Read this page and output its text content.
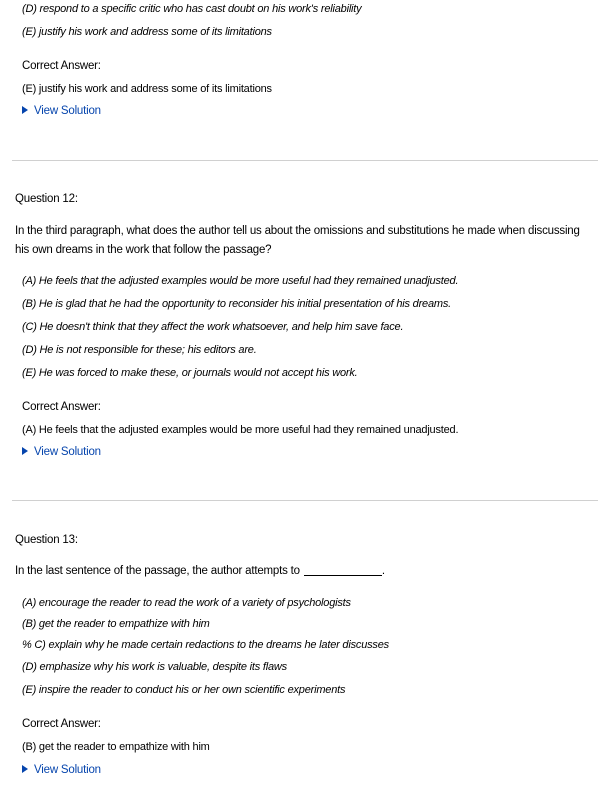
(D) respond to a specific critic who has cast doubt on his work's reliability
(E) justify his work and address some of its limitations
Correct Answer:
(E) justify his work and address some of its limitations
View Solution
Question 12:
In the third paragraph, what does the author tell us about the omissions and substitutions he made when discussing his own dreams in the work that follow the passage?
(A) He feels that the adjusted examples would be more useful had they remained unadjusted.
(B) He is glad that he had the opportunity to reconsider his initial presentation of his dreams.
(C) He doesn't think that they affect the work whatsoever, and help him save face.
(D) He is not responsible for these; his editors are.
(E) He was forced to make these, or journals would not accept his work.
Correct Answer:
(A) He feels that the adjusted examples would be more useful had they remained unadjusted.
View Solution
Question 13:
In the last sentence of the passage, the author attempts to	.
(A) encourage the reader to read the work of a variety of psychologists
(B) get the reader to empathize with him
% C) explain why he made certain redactions to the dreams he later discusses
(D) emphasize why his work is valuable, despite its flaws
(E) inspire the reader to conduct his or her own scientific experiments
Correct Answer:
(B) get the reader to empathize with him
View Solution
